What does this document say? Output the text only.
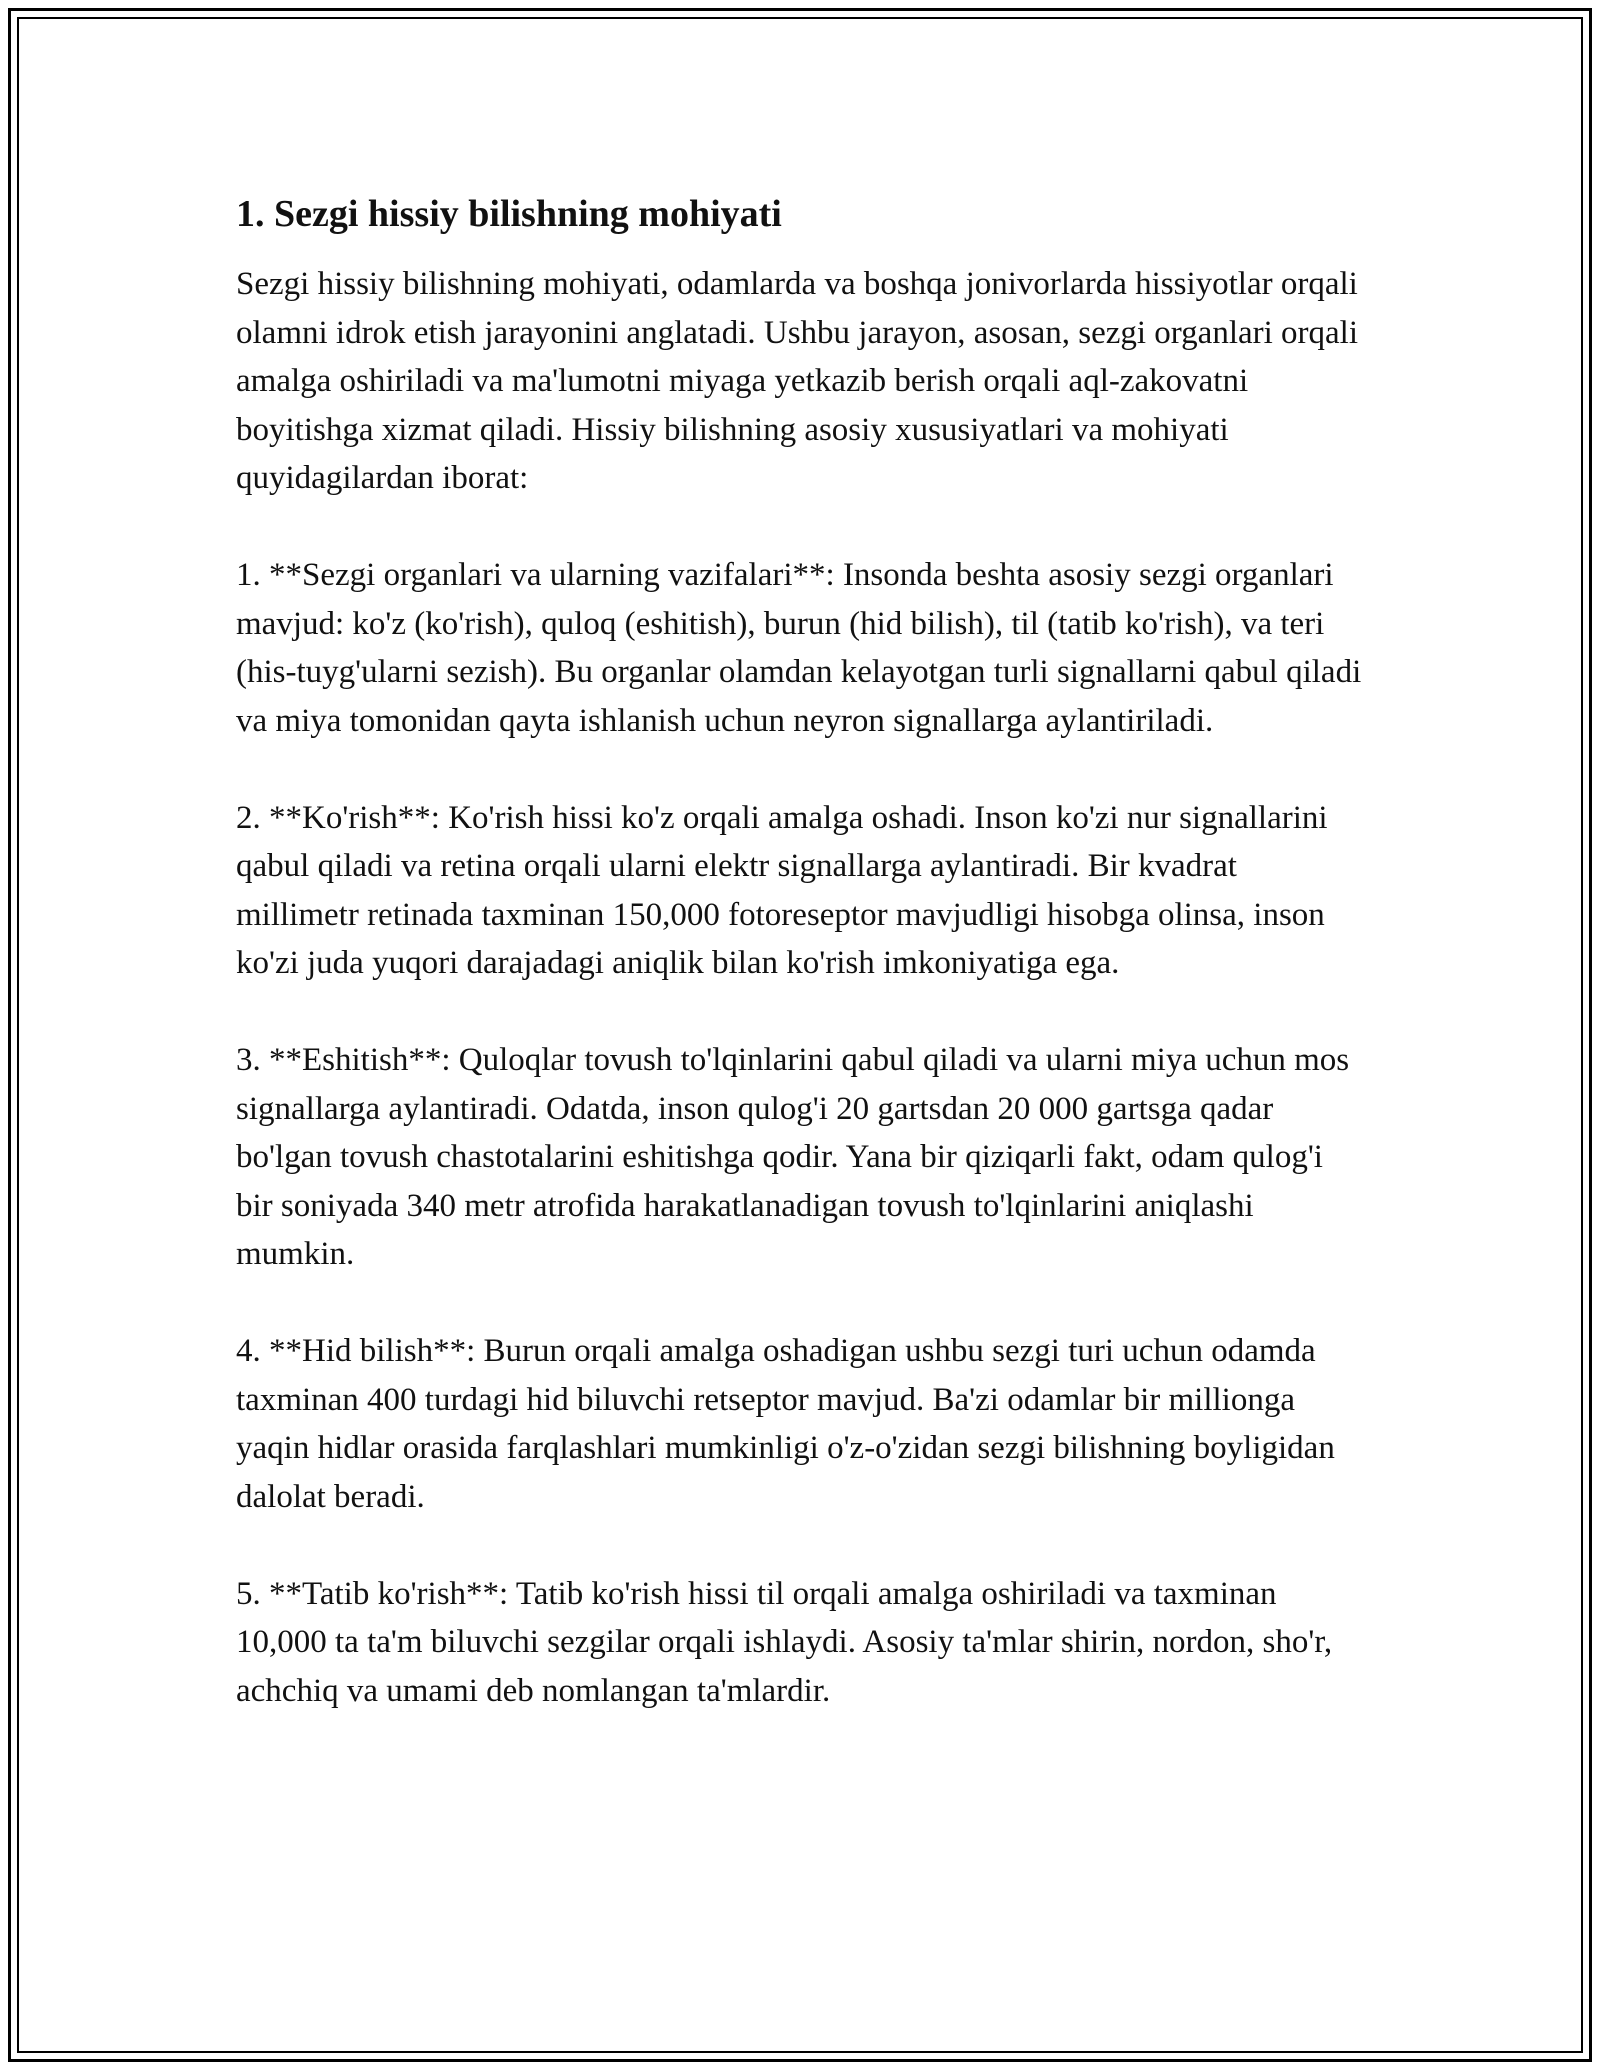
1. Sezgi hissiy bilishning mohiyati

Sezgi hissiy bilishning mohiyati, odamlarda va boshqa jonivorlarda hissiyotlar orqali olamni idrok etish jarayonini anglatadi. Ushbu jarayon, asosan, sezgi organlari orqali amalga oshiriladi va ma'lumotni miyaga yetkazib berish orqali aql-zakovatni boyitishga xizmat qiladi. Hissiy bilishning asosiy xususiyatlari va mohiyati quyidagilardan iborat:

1. **Sezgi organlari va ularning vazifalari**: Insonda beshta asosiy sezgi organlari mavjud: ko'z (ko'rish), quloq (eshitish), burun (hid bilish), til (tatib ko'rish), va teri (his-tuyg'ularni sezish). Bu organlar olamdan kelayotgan turli signallarni qabul qiladi va miya tomonidan qayta ishlanish uchun neyron signallarga aylantiriladi.

2. **Ko'rish**: Ko'rish hissi ko'z orqali amalga oshadi. Inson ko'zi nur signallarini qabul qiladi va retina orqali ularni elektr signallarga aylantiradi. Bir kvadrat millimetr retinada taxminan 150,000 fotoreseptor mavjudligi hisobga olinsa, inson ko'zi juda yuqori darajadagi aniqlik bilan ko'rish imkoniyatiga ega.

3. **Eshitish**: Quloqlar tovush to'lqinlarini qabul qiladi va ularni miya uchun mos signallarga aylantiradi. Odatda, inson qulog'i 20 gartsdan 20 000 gartsga qadar bo'lgan tovush chastotalarini eshitishga qodir. Yana bir qiziqarli fakt, odam qulog'i bir soniyada 340 metr atrofida harakatlanadigan tovush to'lqinlarini aniqlashi mumkin.

4. **Hid bilish**: Burun orqali amalga oshadigan ushbu sezgi turi uchun odamda taxminan 400 turdagi hid biluvchi retseptor mavjud. Ba'zi odamlar bir millionga yaqin hidlar orasida farqlashlari mumkinligi o'z-o'zidan sezgi bilishning boyligidan dalolat beradi.

5. **Tatib ko'rish**: Tatib ko'rish hissi til orqali amalga oshiriladi va taxminan 10,000 ta ta'm biluvchi sezgilar orqali ishlaydi. Asosiy ta'mlar shirin, nordon, sho'r, achchiq va umami deb nomlangan ta'mlardir.
